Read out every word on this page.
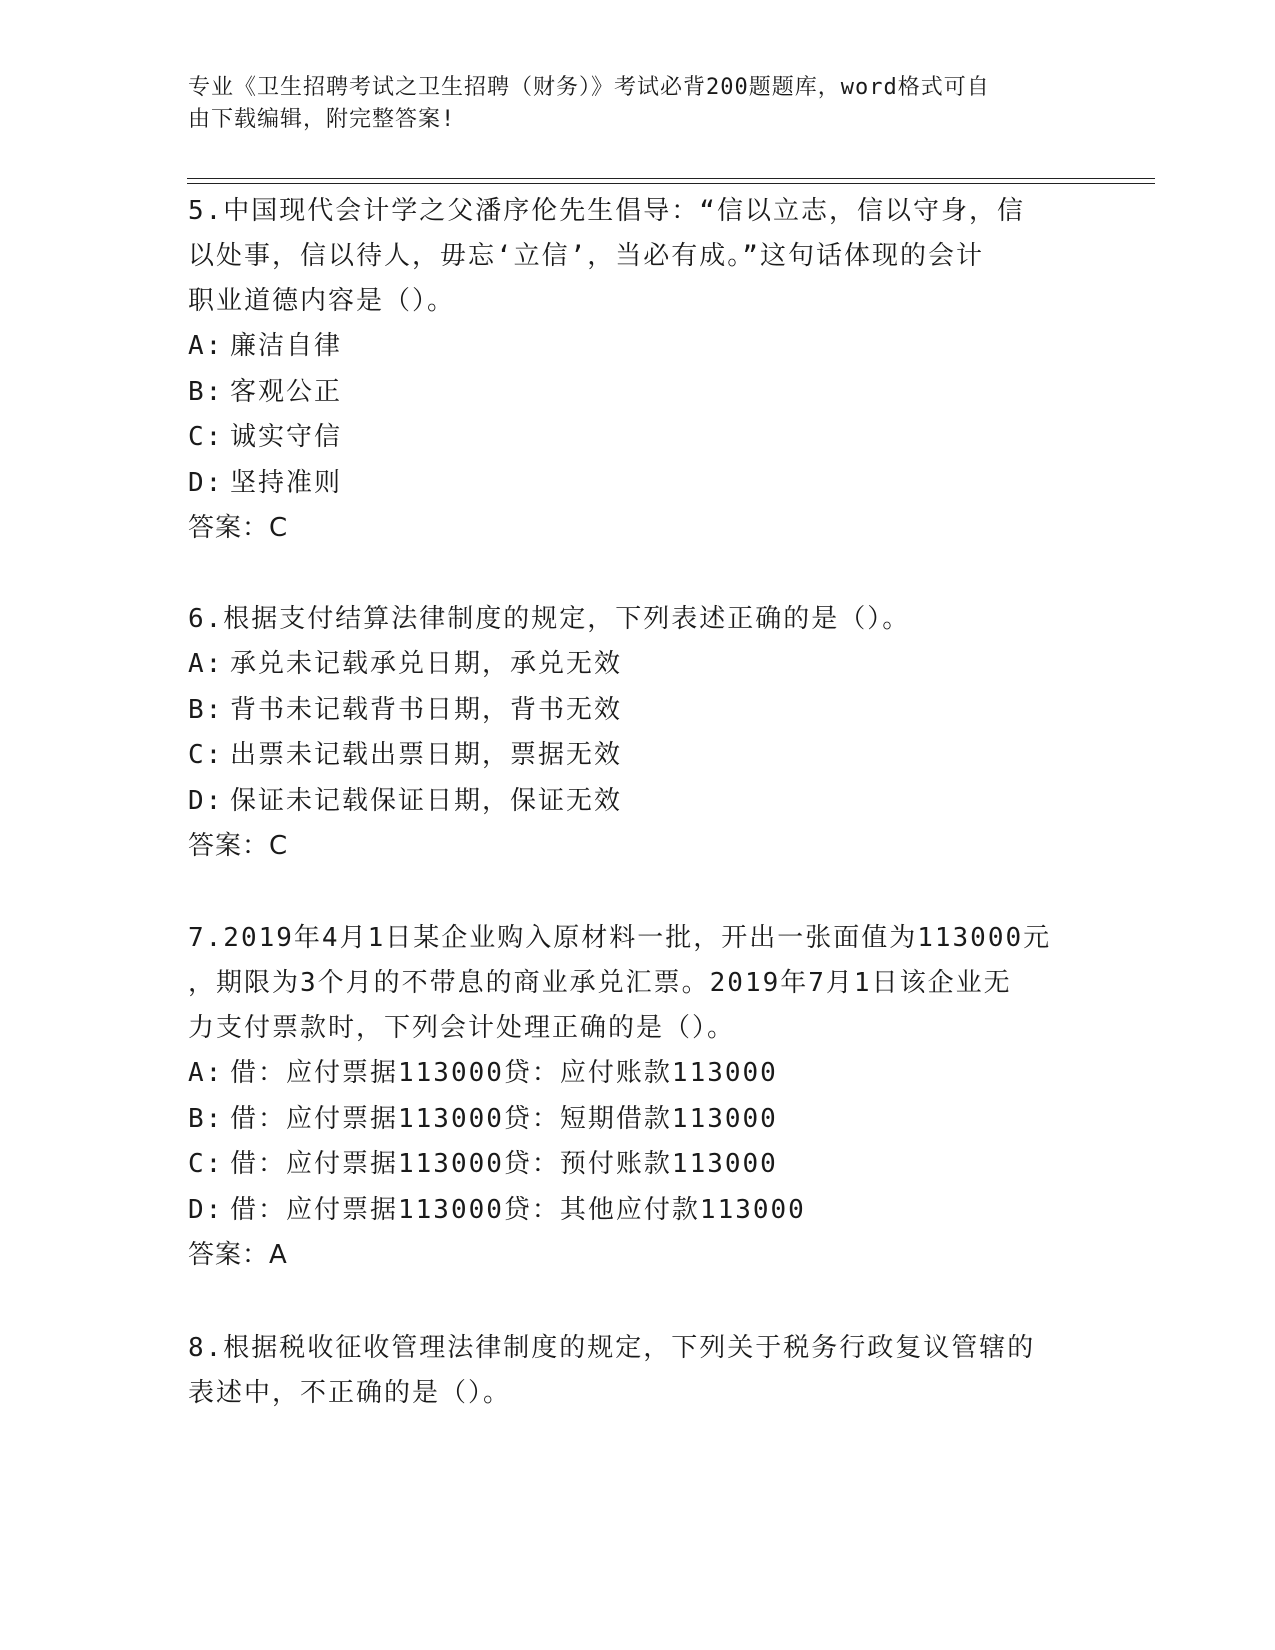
专业《卫生招聘考试之卫生招聘（财务）》考试必背200题题库，word格式可自
由下载编辑，附完整答案!

5.中国现代会计学之父潘序伦先生倡导：“信以立志，信以守身，信

以处事，信以待人，毋忘‘立信’，当必有成。”这句话体现的会计

职业道德内容是（）。

A: 廉洁自律

B: 客观公正

C: 诚实守信

D: 坚持准则

答案：C

6.根据支付结算法律制度的规定，下列表述正确的是（）。

A: 承兑未记载承兑日期，承兑无效

B: 背书未记载背书日期，背书无效

C: 出票未记载出票日期，票据无效

D: 保证未记载保证日期，保证无效

答案：C

7.2019年4月1日某企业购入原材料一批，开出一张面值为113000元

，期限为3个月的不带息的商业承兑汇票。2019年7月1日该企业无

力支付票款时，下列会计处理正确的是（）。

A: 借：应付票据113000贷：应付账款113000

B: 借：应付票据113000贷：短期借款113000

C: 借：应付票据113000贷：预付账款113000

D: 借：应付票据113000贷：其他应付款113000

答案：A

8.根据税收征收管理法律制度的规定，下列关于税务行政复议管辖的

表述中，不正确的是（）。
